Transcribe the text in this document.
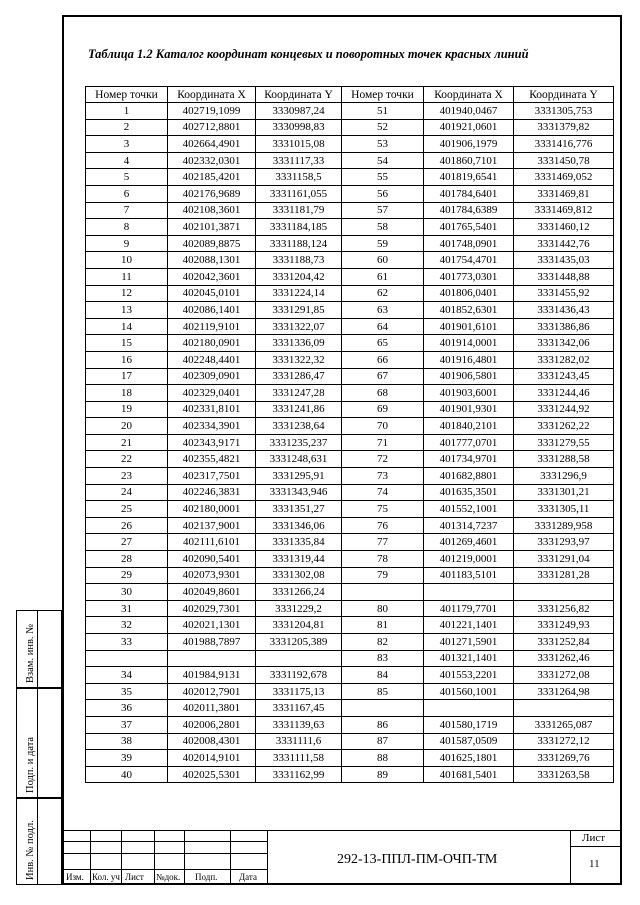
Таблица 1.2 Каталог координат концевых и поворотных точек красных линий
Номер точки	Координата X	Координата Y	Номер точки	Координата X	Координата Y
1	402719,1099	3330987,24	51	401940,0467	3331305,753
2	402712,8801	3330998,83	52	401921,0601	3331379,82
3	402664,4901	3331015,08	53	401906,1979	3331416,776
4	402332,0301	3331117,33	54	401860,7101	3331450,78
5	402185,4201	3331158,5	55	401819,6541	3331469,052
6	402176,9689	3331161,055	56	401784,6401	3331469,81
7	402108,3601	3331181,79	57	401784,6389	3331469,812
8	402101,3871	3331184,185	58	401765,5401	3331460,12
9	402089,8875	3331188,124	59	401748,0901	3331442,76
10	402088,1301	3331188,73	60	401754,4701	3331435,03
11	402042,3601	3331204,42	61	401773,0301	3331448,88
12	402045,0101	3331224,14	62	401806,0401	3331455,92
13	402086,1401	3331291,85	63	401852,6301	3331436,43
14	402119,9101	3331322,07	64	401901,6101	3331386,86
15	402180,0901	3331336,09	65	401914,0001	3331342,06
16	402248,4401	3331322,32	66	401916,4801	3331282,02
17	402309,0901	3331286,47	67	401906,5801	3331243,45
18	402329,0401	3331247,28	68	401903,6001	3331244,46
19	402331,8101	3331241,86	69	401901,9301	3331244,92
20	402334,3901	3331238,64	70	401840,2101	3331262,22
21	402343,9171	3331235,237	71	401777,0701	3331279,55
22	402355,4821	3331248,631	72	401734,9701	3331288,58
23	402317,7501	3331295,91	73	401682,8801	3331296,9
24	402246,3831	3331343,946	74	401635,3501	3331301,21
25	402180,0001	3331351,27	75	401552,1001	3331305,11
26	402137,9001	3331346,06	76	401314,7237	3331289,958
27	402111,6101	3331335,84	77	401269,4601	3331293,97
28	402090,5401	3331319,44	78	401219,0001	3331291,04
29	402073,9301	3331302,08	79	401183,5101	3331281,28
30	402049,8601	3331266,24			
31	402029,7301	3331229,2	80	401179,7701	3331256,82
32	402021,1301	3331204,81	81	401221,1401	3331249,93
33	401988,7897	3331205,389	82	401271,5901	3331252,84
			83	401321,1401	3331262,46
34	401984,9131	3331192,678	84	401553,2201	3331272,08
35	402012,7901	3331175,13	85	401560,1001	3331264,98
36	402011,3801	3331167,45			
37	402006,2801	3331139,63	86	401580,1719	3331265,087
38	402008,4301	3331111,6	87	401587,0509	3331272,12
39	402014,9101	3331111,58	88	401625,1801	3331269,76
40	402025,5301	3331162,99	89	401681,5401	3331263,58
Взам. инв. №
Подп. и дата
Инв. № подл.	Изм. Кол. уч Лист №док. Подп. Дата
292-13-ППЛ-ПМ-ОЧП-ТМ
Лист
11
